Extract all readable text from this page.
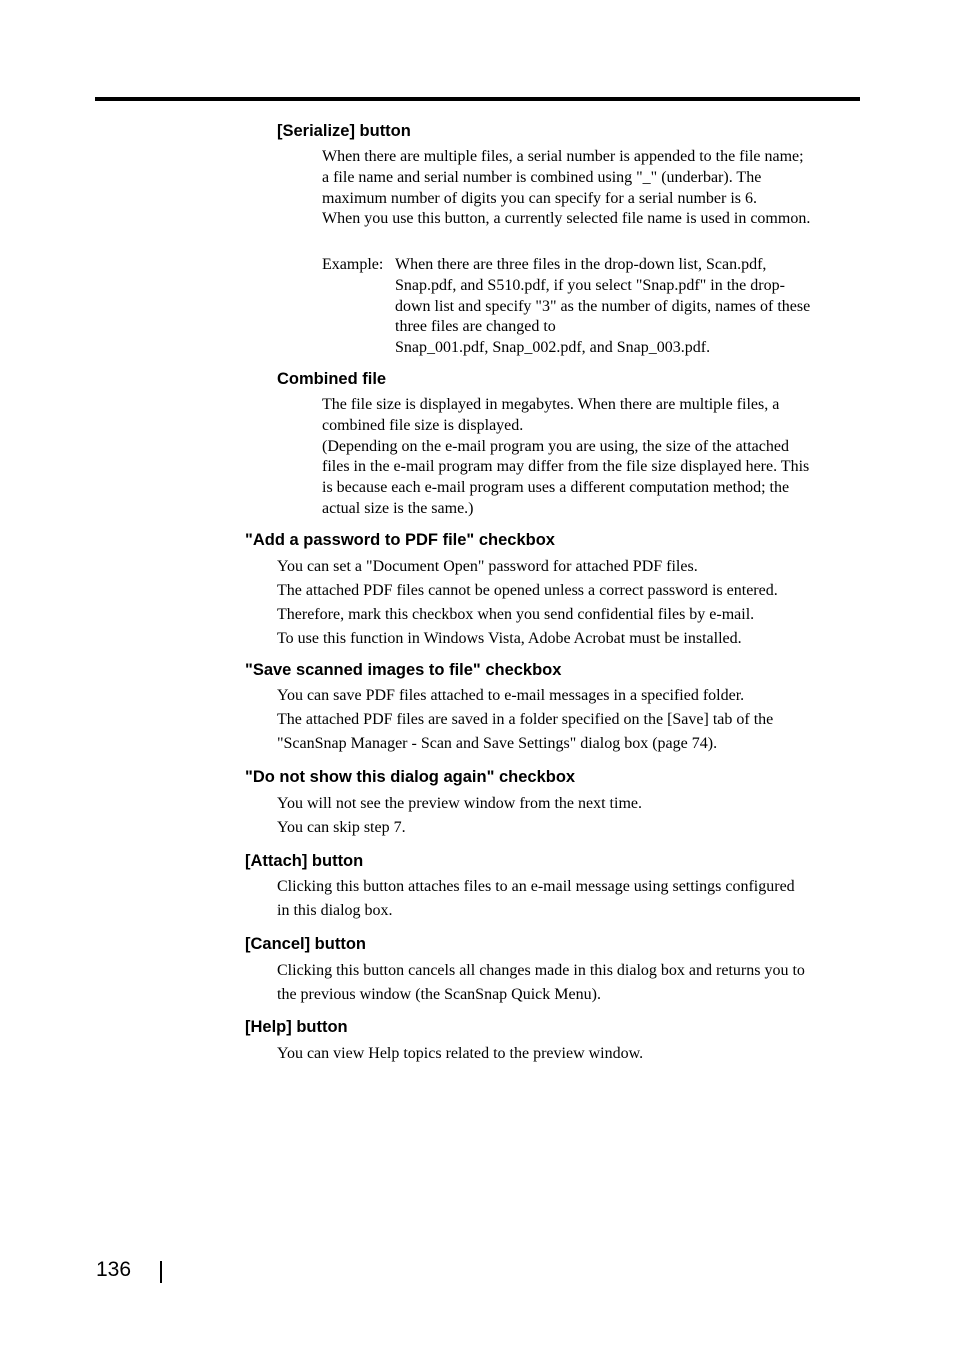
[Serialize] button
When there are multiple files, a serial number is appended to the file name;
a file name and serial number is combined using "_" (underbar). The
maximum number of digits you can specify for a serial number is 6.
When you use this button, a currently selected file name is used in common.
Example: When there are three files in the drop-down list, Scan.pdf,
Snap.pdf, and S510.pdf, if you select "Snap.pdf" in the drop-
down list and specify "3" as the number of digits, names of these
three files are changed to
Snap_001.pdf, Snap_002.pdf, and Snap_003.pdf.
Combined file
The file size is displayed in megabytes. When there are multiple files, a
combined file size is displayed.
(Depending on the e-mail program you are using, the size of the attached
files in the e-mail program may differ from the file size displayed here. This
is because each e-mail program uses a different computation method; the
actual size is the same.)
"Add a password to PDF file" checkbox
You can set a "Document Open" password for attached PDF files.
The attached PDF files cannot be opened unless a correct password is entered.
Therefore, mark this checkbox when you send confidential files by e-mail.
To use this function in Windows Vista, Adobe Acrobat must be installed.
"Save scanned images to file" checkbox
You can save PDF files attached to e-mail messages in a specified folder.
The attached PDF files are saved in a folder specified on the [Save] tab of the
"ScanSnap Manager - Scan and Save Settings" dialog box (page 74).
"Do not show this dialog again" checkbox
You will not see the preview window from the next time.
You can skip step 7.
[Attach] button
Clicking this button attaches files to an e-mail message using settings configured
in this dialog box.
[Cancel] button
Clicking this button cancels all changes made in this dialog box and returns you to
the previous window (the ScanSnap Quick Menu).
[Help] button
You can view Help topics related to the preview window.
136
